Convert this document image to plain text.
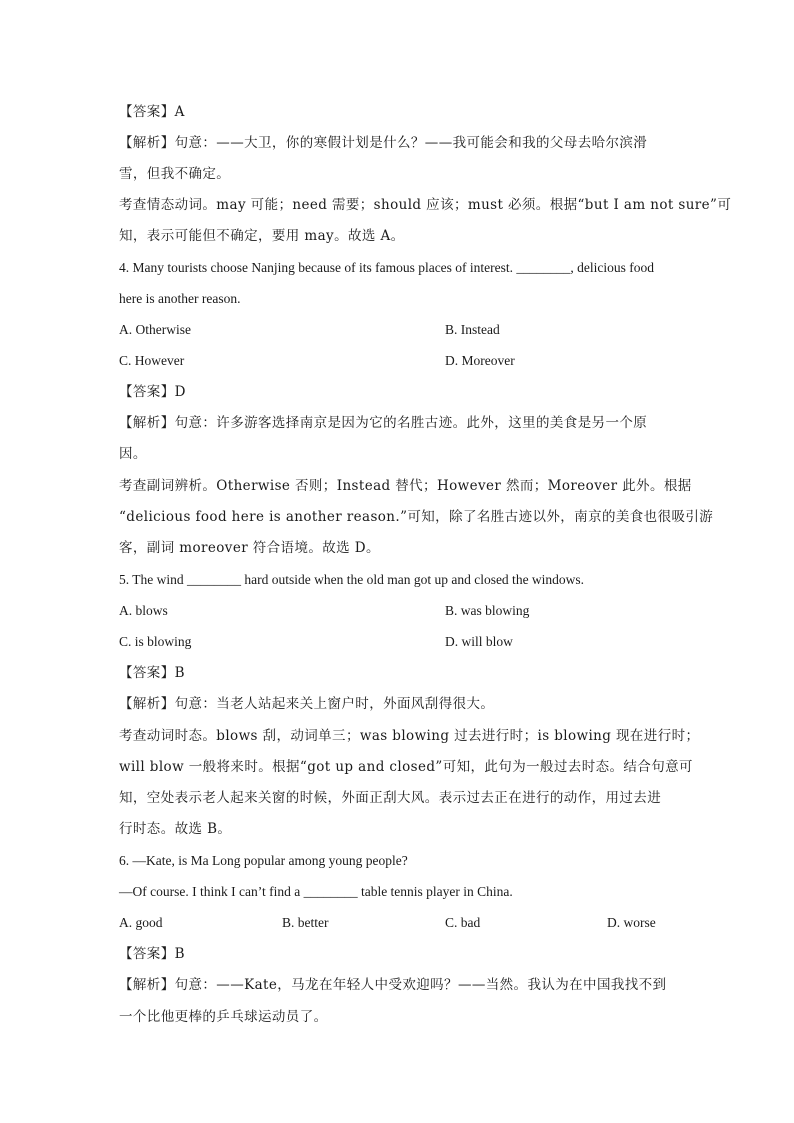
【答案】A
【解析】句意：——大卫，你的寒假计划是什么？——我可能会和我的父母去哈尔滨滑
雪，但我不确定。
考查情态动词。may 可能；need 需要；should 应该；must 必须。根据“but I am not sure”可
知，表示可能但不确定，要用 may。故选 A。
4. Many tourists choose Nanjing because of its famous places of interest. ________, delicious food
here is another reason.
A. Otherwise	B. Instead
C. However	D. Moreover
【答案】D
【解析】句意：许多游客选择南京是因为它的名胜古迹。此外，这里的美食是另一个原
因。
考查副词辨析。Otherwise 否则；Instead 替代；However 然而；Moreover 此外。根据
“delicious food here is another reason.”可知，除了名胜古迹以外，南京的美食也很吸引游
客，副词 moreover 符合语境。故选 D。
5. The wind ________ hard outside when the old man got up and closed the windows.
A. blows	B. was blowing
C. is blowing	D. will blow
【答案】B
【解析】句意：当老人站起来关上窗户时，外面风刮得很大。
考查动词时态。blows 刮，动词单三；was blowing 过去进行时；is blowing 现在进行时；
will blow 一般将来时。根据“got up and closed”可知，此句为一般过去时态。结合句意可
知，空处表示老人起来关窗的时候，外面正刮大风。表示过去正在进行的动作，用过去进
行时态。故选 B。
6. —Kate, is Ma Long popular among young people?
—Of course. I think I can’t find a ________ table tennis player in China.
A. good	B. better	C. bad	D. worse
【答案】B
【解析】句意：——Kate，马龙在年轻人中受欢迎吗？——当然。我认为在中国我找不到
一个比他更棒的乒乓球运动员了。
